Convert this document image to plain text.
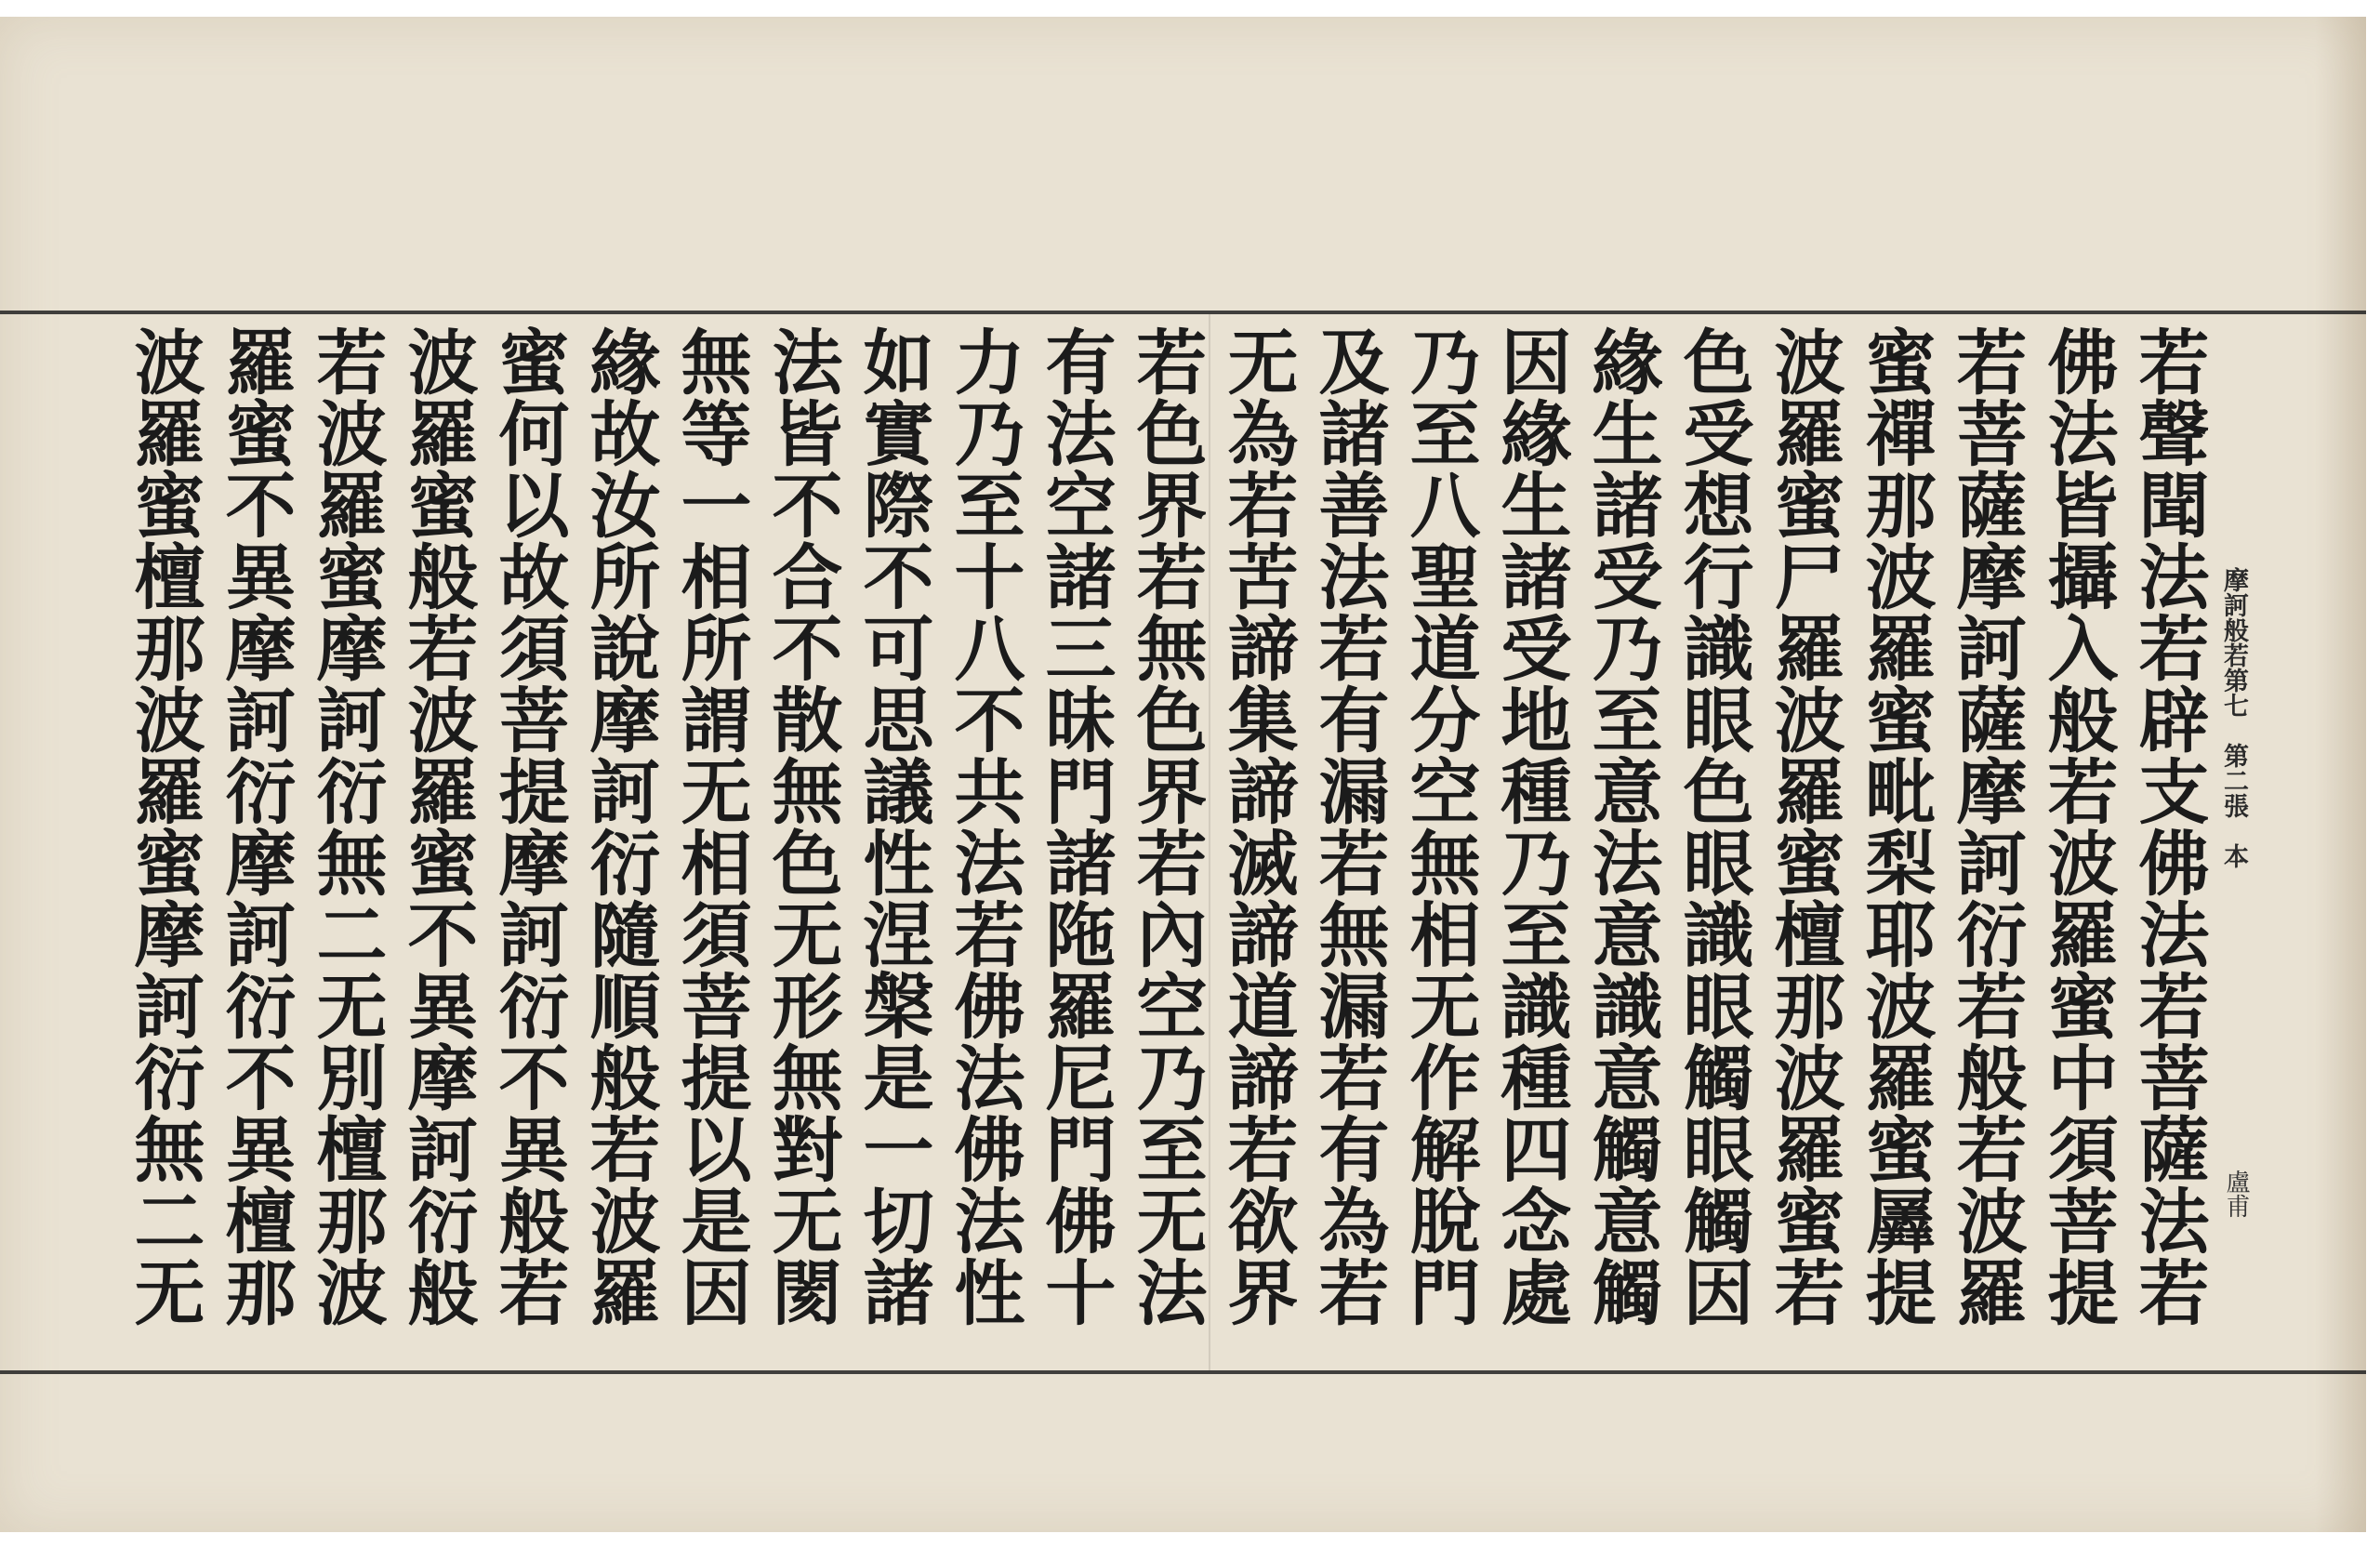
摩訶般若第七　第二張　本
盧甫
若聲聞法若辟支佛法若菩薩法若
佛法皆攝入般若波羅蜜中須菩提
若菩薩摩訶薩摩訶衍若般若波羅
蜜禪那波羅蜜毗梨耶波羅蜜羼提
波羅蜜尸羅波羅蜜檀那波羅蜜若
色受想行識眼色眼識眼觸眼觸因
緣生諸受乃至意法意識意觸意觸
因緣生諸受地種乃至識種四念處
乃至八聖道分空無相无作解脫門
及諸善法若有漏若無漏若有為若
无為若苦諦集諦滅諦道諦若欲界
若色界若無色界若內空乃至无法
有法空諸三昧門諸陁羅尼門佛十
力乃至十八不共法若佛法佛法性
如實際不可思議性涅槃是一切諸
法皆不合不散無色无形無對无閡
無等一相所謂无相須菩提以是因
緣故汝所說摩訶衍隨順般若波羅
蜜何以故須菩提摩訶衍不異般若
波羅蜜般若波羅蜜不異摩訶衍般
若波羅蜜摩訶衍無二无別檀那波
羅蜜不異摩訶衍摩訶衍不異檀那
波羅蜜檀那波羅蜜摩訶衍無二无
